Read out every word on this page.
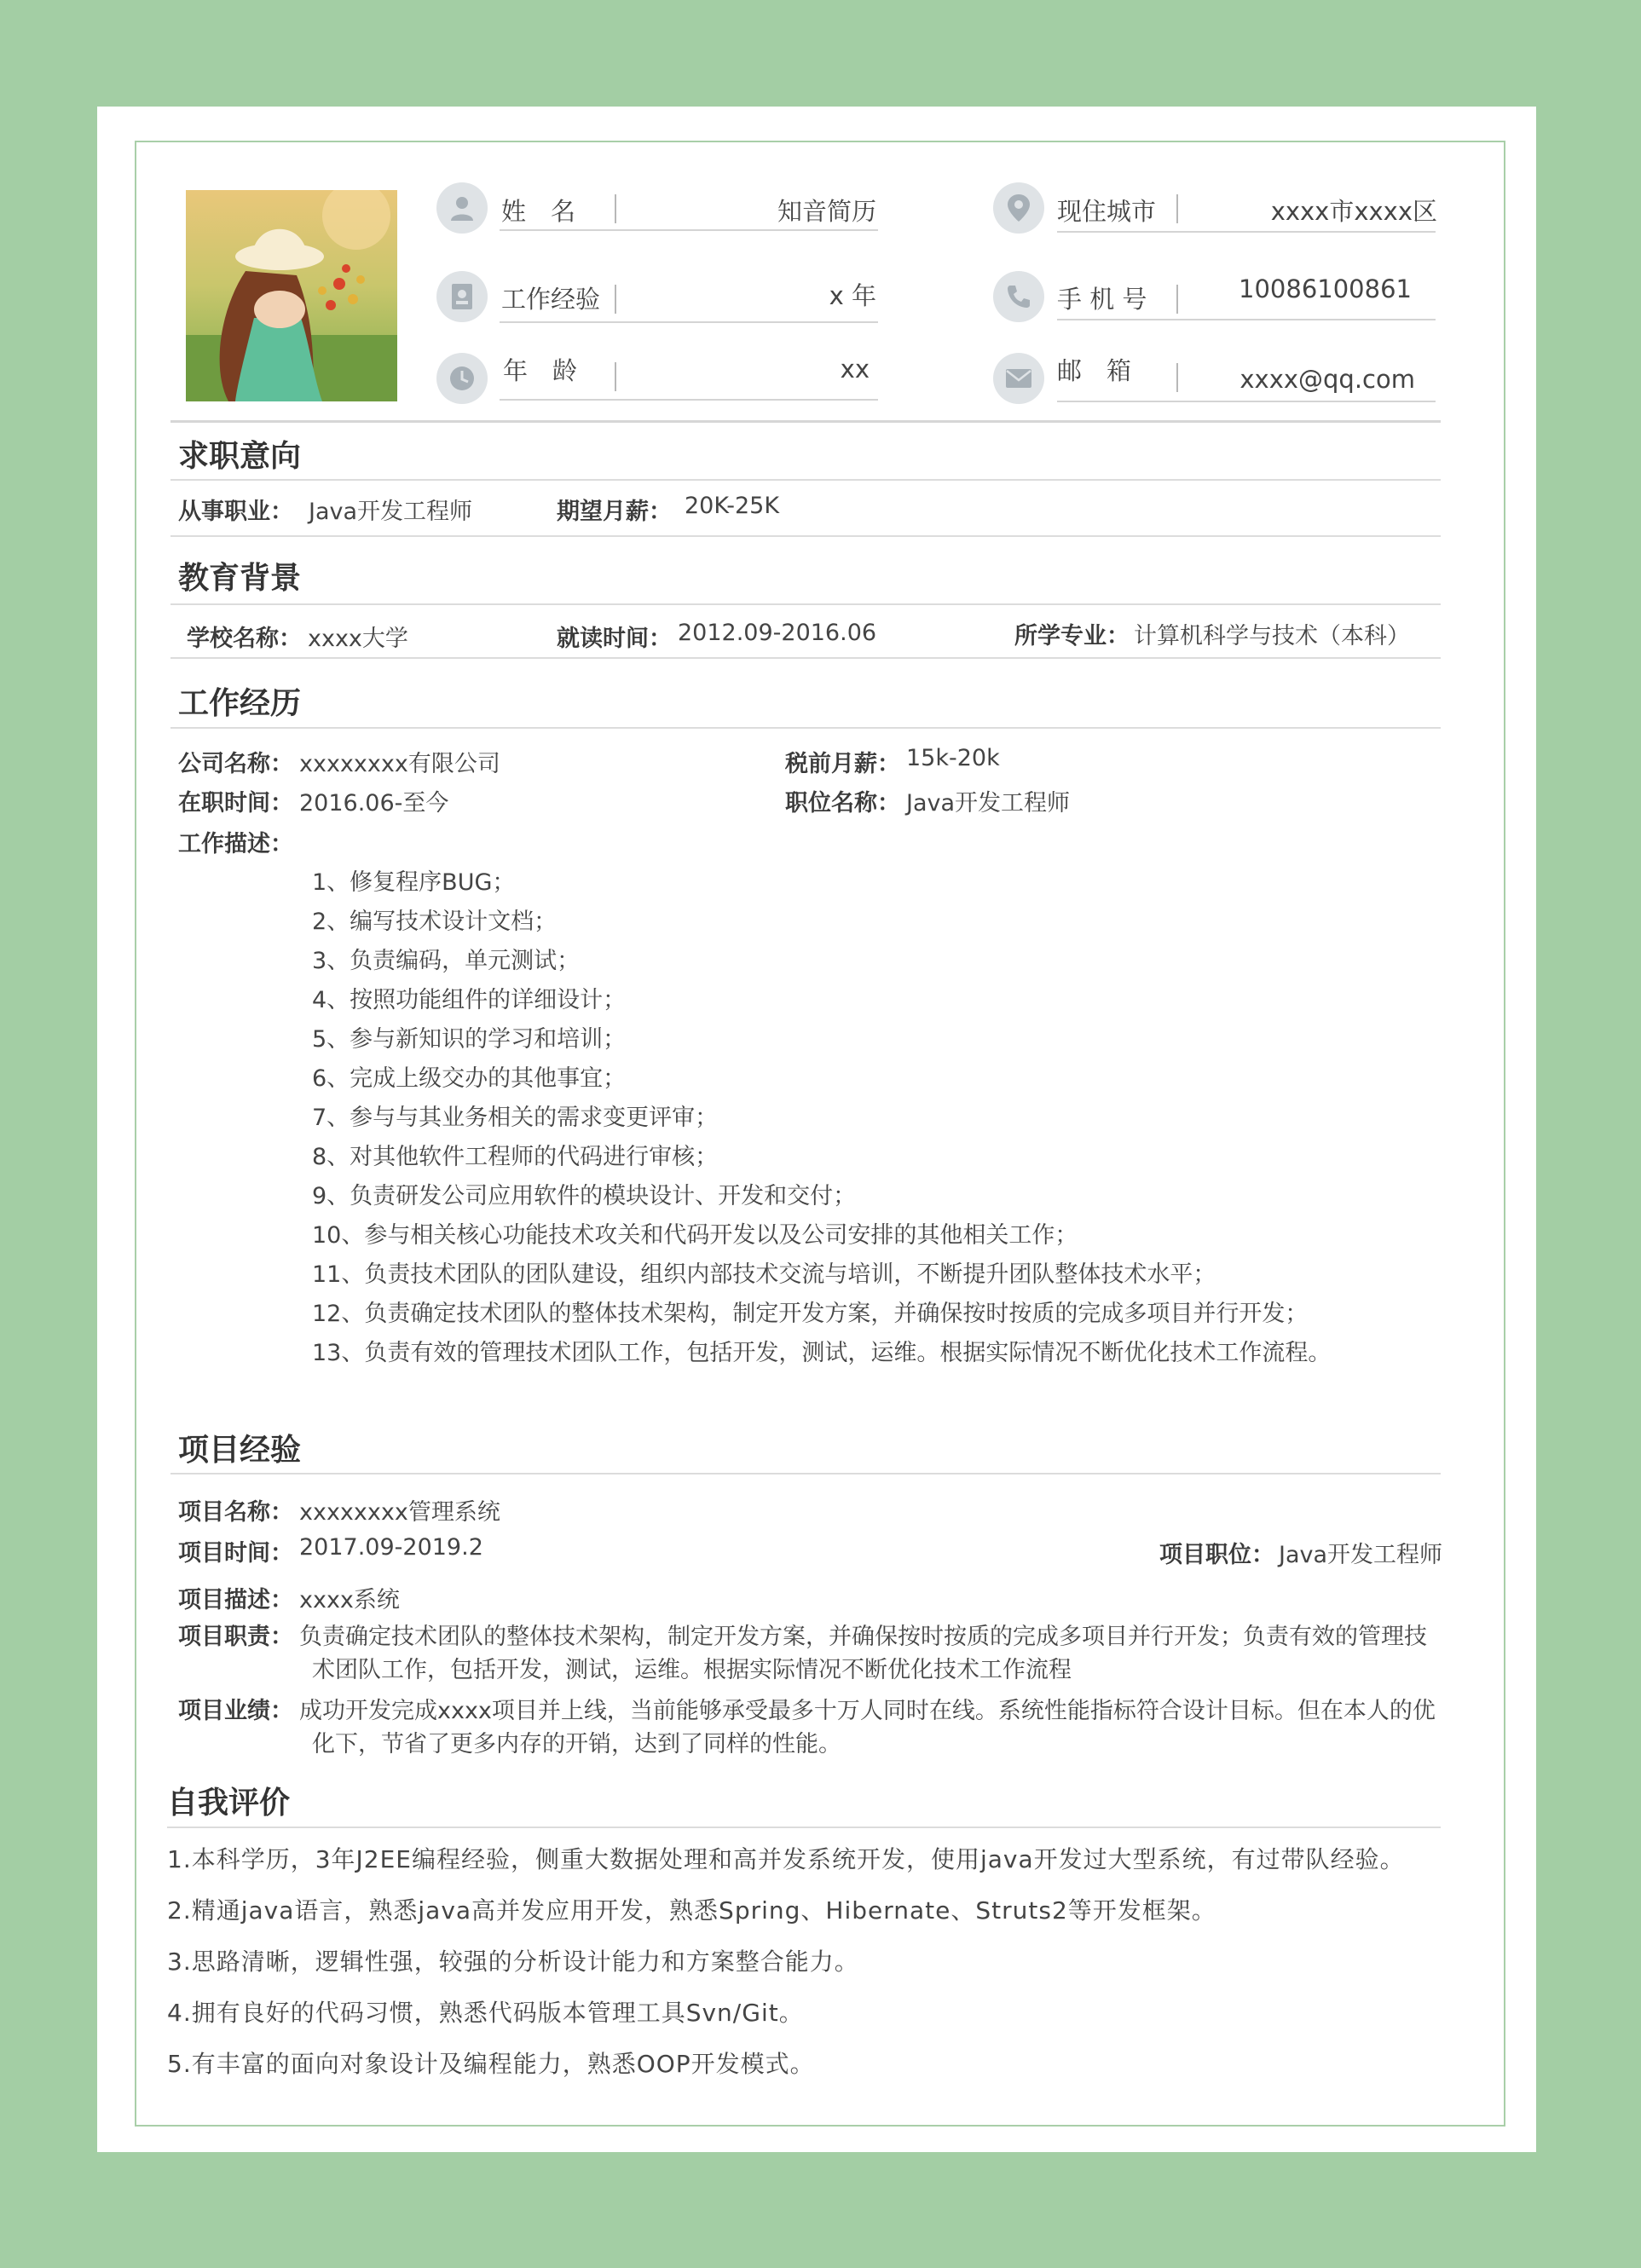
姓　名	知音简历
工作经验	x 年
年　龄	xx
现住城市	xxxx市xxxx区
手 机 号	10086100861
邮　箱	xxxx@qq.com
求职意向
从事职业： Java开发工程师	期望月薪： 20K-25K
教育背景
学校名称： xxxx大学	就读时间： 2012.09-2016.06	所学专业： 计算机科学与技术（本科）
工作经历
公司名称： xxxxxxxx有限公司	税前月薪： 15k-20k
在职时间： 2016.06-至今	职位名称： Java开发工程师
工作描述：
1、修复程序BUG；
2、编写技术设计文档；
3、负责编码，单元测试；
4、按照功能组件的详细设计；
5、参与新知识的学习和培训；
6、完成上级交办的其他事宜；
7、参与与其业务相关的需求变更评审；
8、对其他软件工程师的代码进行审核；
9、负责研发公司应用软件的模块设计、开发和交付；
10、参与相关核心功能技术攻关和代码开发以及公司安排的其他相关工作；
11、负责技术团队的团队建设，组织内部技术交流与培训，不断提升团队整体技术水平；
12、负责确定技术团队的整体技术架构，制定开发方案，并确保按时按质的完成多项目并行开发；
13、负责有效的管理技术团队工作，包括开发，测试，运维。根据实际情况不断优化技术工作流程。
项目经验
项目名称： xxxxxxxx管理系统
项目时间： 2017.09-2019.2	项目职位： Java开发工程师
项目描述： xxxx系统
项目职责： 负责确定技术团队的整体技术架构，制定开发方案，并确保按时按质的完成多项目并行开发；负责有效的管理技
术团队工作，包括开发，测试，运维。根据实际情况不断优化技术工作流程
项目业绩： 成功开发完成xxxx项目并上线，当前能够承受最多十万人同时在线。系统性能指标符合设计目标。但在本人的优
化下，节省了更多内存的开销，达到了同样的性能。
自我评价
1.本科学历，3年J2EE编程经验，侧重大数据处理和高并发系统开发，使用java开发过大型系统，有过带队经验。
2.精通java语言，熟悉java高并发应用开发，熟悉Spring、Hibernate、Struts2等开发框架。
3.思路清晰，逻辑性强，较强的分析设计能力和方案整合能力。
4.拥有良好的代码习惯，熟悉代码版本管理工具Svn/Git。
5.有丰富的面向对象设计及编程能力，熟悉OOP开发模式。
